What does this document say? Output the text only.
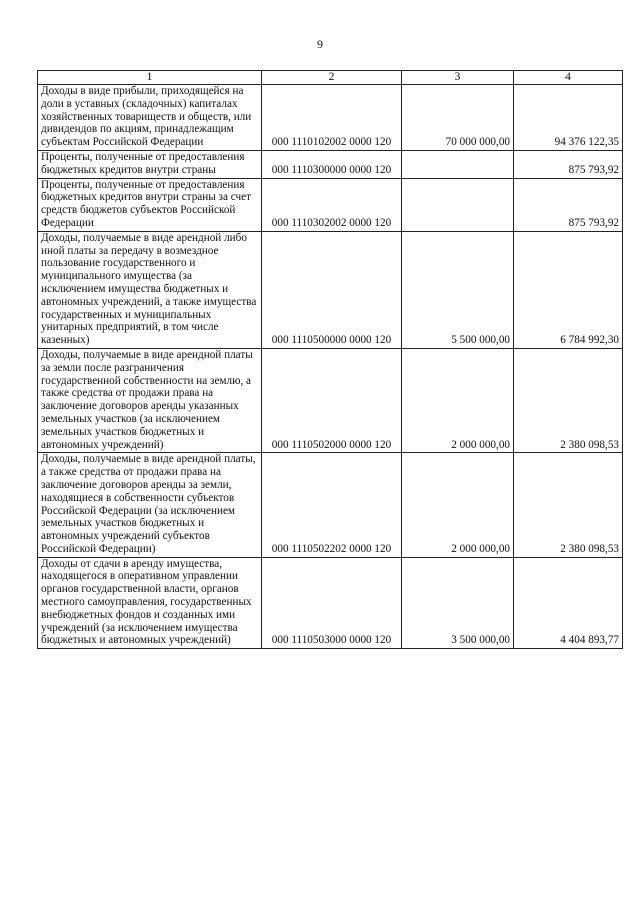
9
1	2	3	4
Доходы в виде прибыли, приходящейся на доли в уставных (складочных) капиталах хозяйственных товариществ и обществ, или дивидендов по акциям, принадлежащим субъектам Российской Федерации	000 1110102002 0000 120	70 000 000,00	94 376 122,35
Проценты, полученные от предоставления бюджетных кредитов внутри страны	000 1110300000 0000 120		875 793,92
Проценты, полученные от предоставления бюджетных кредитов внутри страны за счет средств бюджетов субъектов Российской Федерации	000 1110302002 0000 120		875 793,92
Доходы, получаемые в виде арендной либо иной платы за передачу в возмездное пользование государственного и муниципального имущества (за исключением имущества бюджетных и автономных учреждений, а также имущества государственных и муниципальных унитарных предприятий, в том числе казенных)	000 1110500000 0000 120	5 500 000,00	6 784 992,30
Доходы, получаемые в виде арендной платы за земли после разграничения государственной собственности на землю, а также средства от продажи права на заключение договоров аренды указанных земельных участков (за исключением земельных участков бюджетных и автономных учреждений)	000 1110502000 0000 120	2 000 000,00	2 380 098,53
Доходы, получаемые в виде арендной платы, а также средства от продажи права на заключение договоров аренды за земли, находящиеся в собственности субъектов Российской Федерации (за исключением земельных участков бюджетных и автономных учреждений субъектов Российской Федерации)	000 1110502202 0000 120	2 000 000,00	2 380 098,53
Доходы от сдачи в аренду имущества, находящегося в оперативном управлении органов государственной власти, органов местного самоуправления, государственных внебюджетных фондов и созданных ими учреждений (за исключением имущества бюджетных и автономных учреждений)	000 1110503000 0000 120	3 500 000,00	4 404 893,77
